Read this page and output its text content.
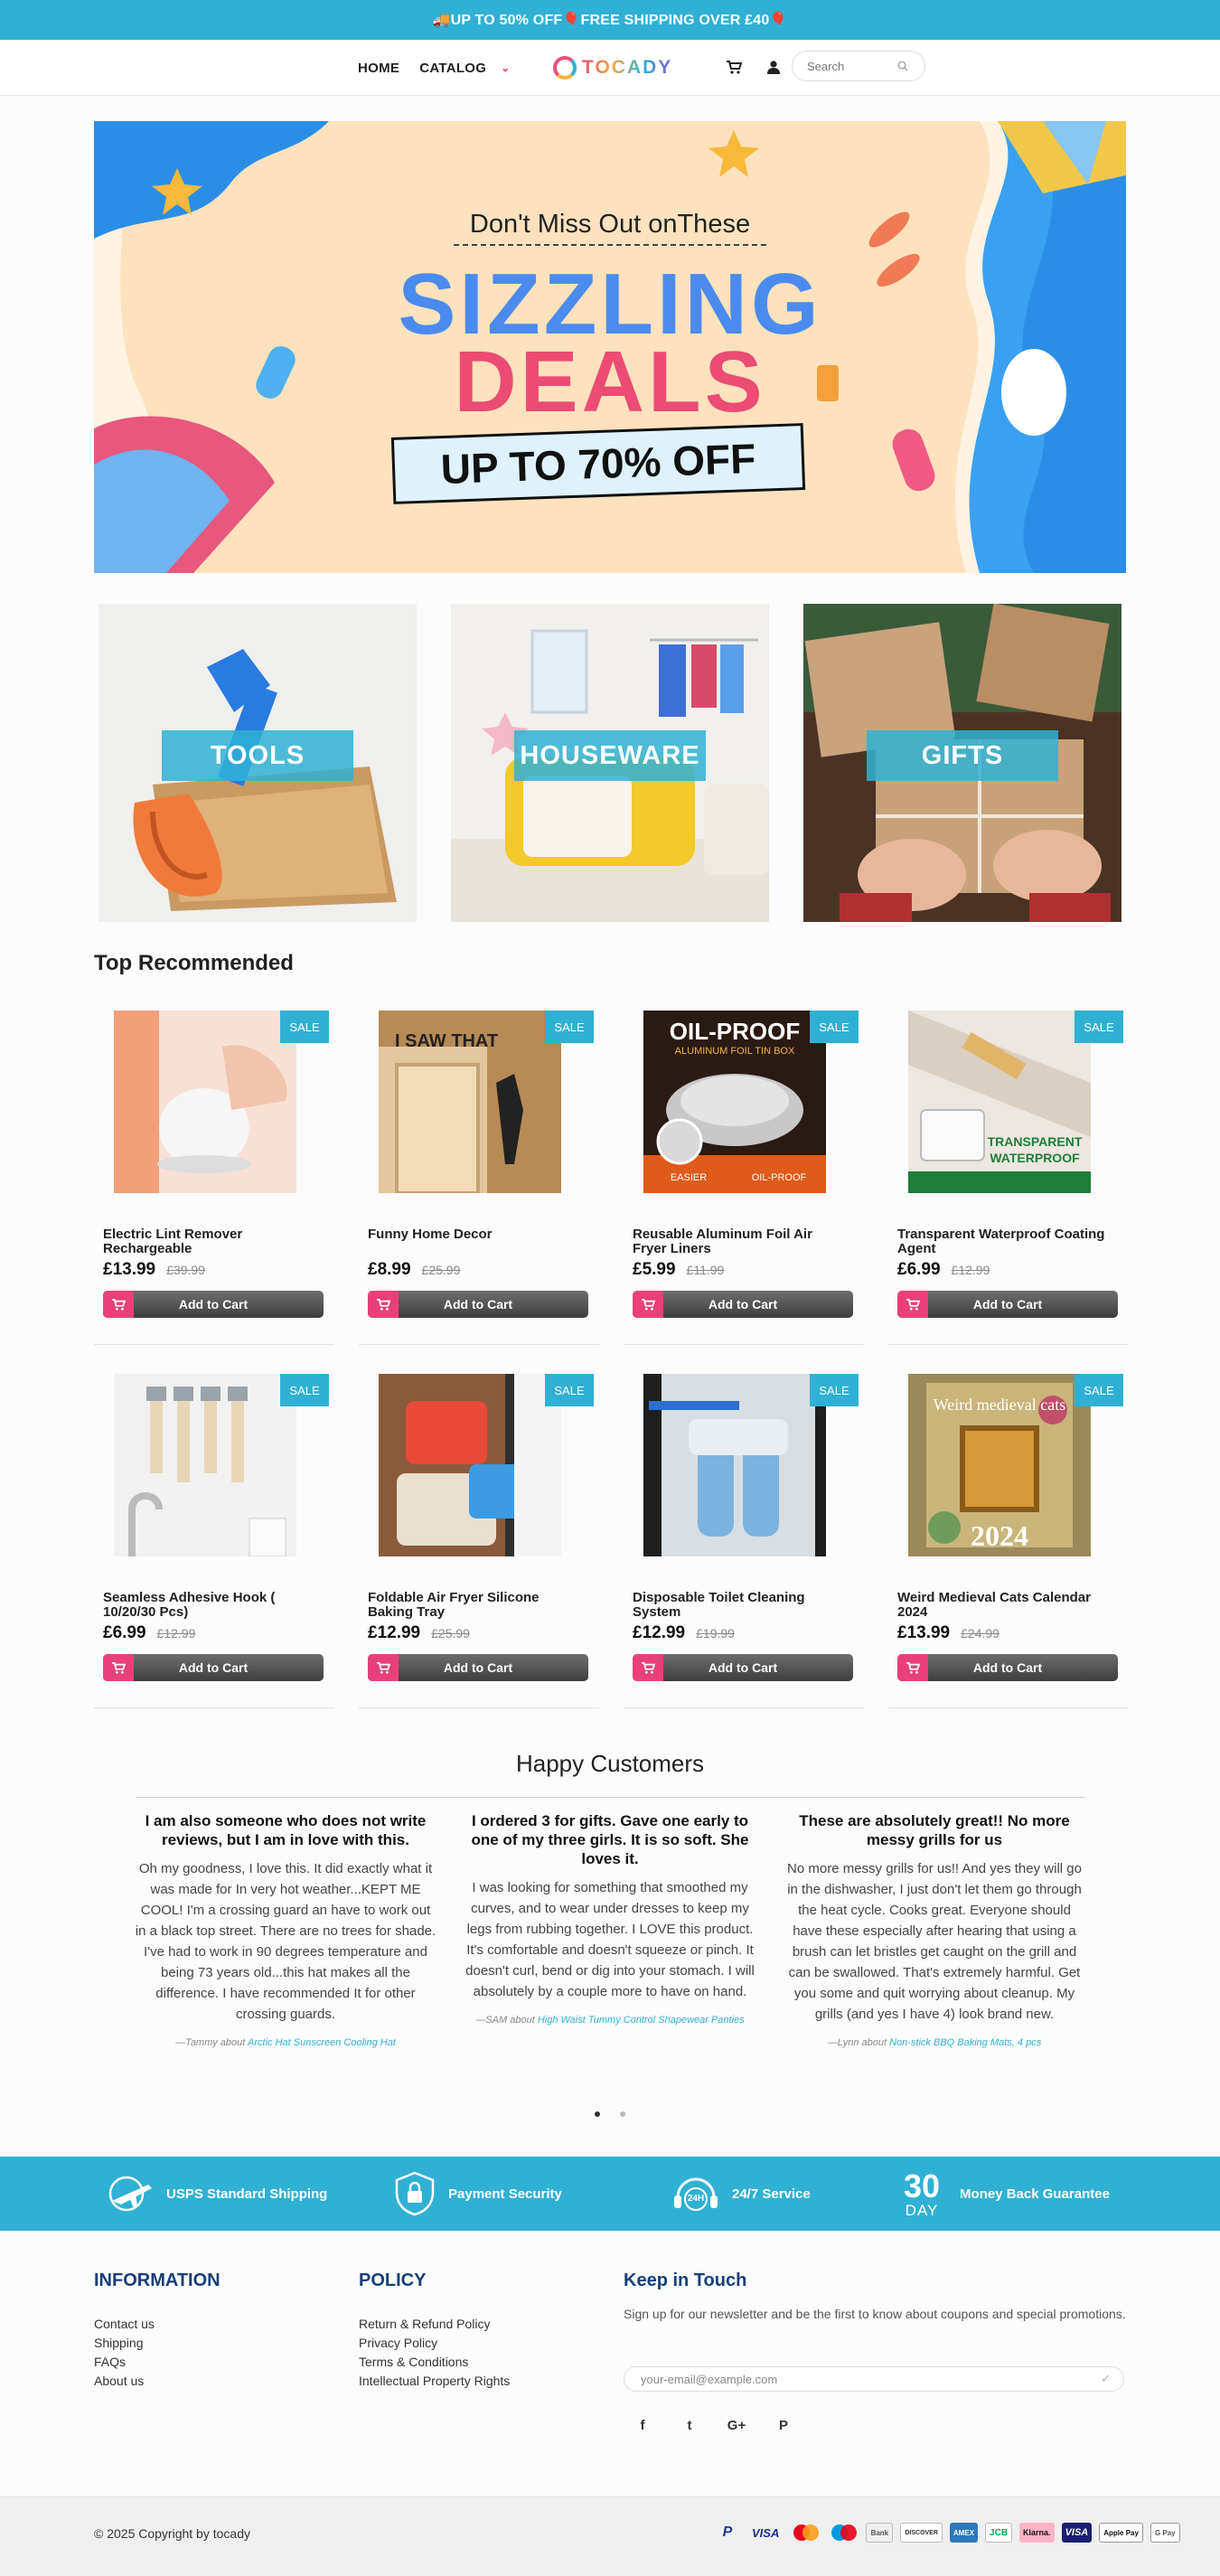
🚚UP TO 50% OFF🎈FREE SHIPPING OVER £40🎈
HOME CATALOG ⌄	TOCADY
Search
Don't Miss Out onThese
SIZZLING
DEALS
UP TO 70% OFF
TOOLS	HOUSEWARE	GIFTS
Top Recommended
SALE
Electric Lint Remover Rechargeable
£13.99 £39.99
Add to Cart
I SAW THAT
SALE
Funny Home Decor
£8.99 £25.99
Add to Cart
OIL-PROOF
ALUMINUM FOIL TIN BOX
EASIER	OIL-PROOF
SALE
Reusable Aluminum Foil Air Fryer Liners
£5.99 £11.99
Add to Cart
TRANSPARENT
WATERPROOF
SALE
Transparent Waterproof Coating Agent
£6.99 £12.99
Add to Cart
SALE
Seamless Adhesive Hook ( 10/20/30 Pcs)
£6.99 £12.99
Add to Cart
SALE
Foldable Air Fryer Silicone Baking Tray
£12.99 £25.99
Add to Cart
SALE
Disposable Toilet Cleaning System
£12.99 £19.99
Add to Cart
Weird medieval cats
2024
SALE
Weird Medieval Cats Calendar 2024
£13.99 £24.99
Add to Cart
Happy Customers
I am also someone who does not write reviews, but I am in love with this.
Oh my goodness, I love this. It did exactly what it was made for In very hot weather...KEPT ME COOL! I'm a crossing guard an have to work out in a black top street. There are no trees for shade. I've had to work in 90 degrees temperature and being 73 years old...this hat makes all the difference. I have recommended It for other crossing guards.
—Tammy about Arctic Hat Sunscreen Cooling Hat
I ordered 3 for gifts. Gave one early to one of my three girls. It is so soft. She loves it.
I was looking for something that smoothed my curves, and to wear under dresses to keep my legs from rubbing together. I LOVE this product. It's comfortable and doesn't squeeze or pinch. It doesn't curl, bend or dig into your stomach. I will absolutely by a couple more to have on hand.
—SAM about High Waist Tummy Control Shapewear Panties
These are absolutely great!! No more messy grills for us
No more messy grills for us!! And yes they will go in the dishwasher, I just don't let them go through the heat cycle. Cooks great. Everyone should have these especially after hearing that using a brush can let bristles get caught on the grill and can be swallowed. That's extremely harmful. Get you some and quit worrying about cleanup. My grills (and yes I have 4) look brand new.
—Lynn about Non-stick BBQ Baking Mats, 4 pcs
USPS Standard Shipping	Payment Security	24H	24/7 Service	30
DAY
Money Back Guarantee
INFORMATION
Contact us
Shipping
FAQs
About us
POLICY
Return & Refund Policy
Privacy Policy
Terms & Conditions
Intellectual Property Rights
Keep in Touch
Sign up for our newsletter and be the first to know about coupons and special promotions.
your-email@example.com
✓
f	t	G+	P
© 2025 Copyright by tocady	P	VISA	Bank	DISCOVER	AMEX	JCB	Klarna.	VISA	Apple Pay	G Pay
